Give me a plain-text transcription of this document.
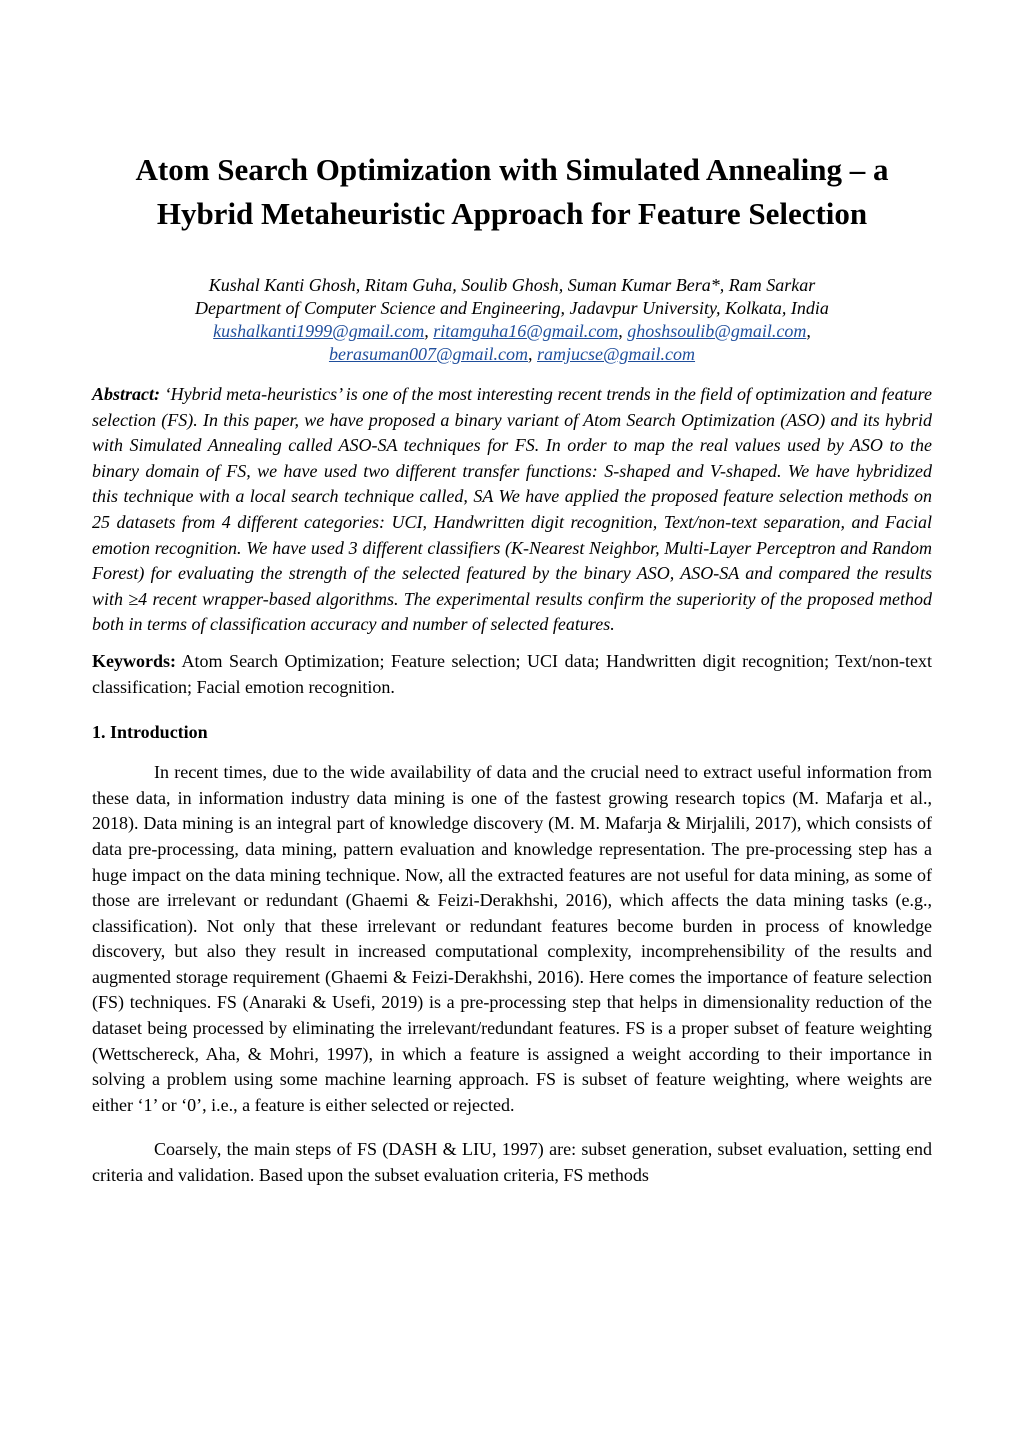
Atom Search Optimization with Simulated Annealing – a
Hybrid Metaheuristic Approach for Feature Selection
Kushal Kanti Ghosh, Ritam Guha, Soulib Ghosh, Suman Kumar Bera*, Ram Sarkar
Department of Computer Science and Engineering, Jadavpur University, Kolkata, India
kushalkanti1999@gmail.com, ritamguha16@gmail.com, ghoshsoulib@gmail.com,
berasuman007@gmail.com, ramjucse@gmail.com
Abstract: ‘Hybrid meta-heuristics’ is one of the most interesting recent trends in the field of optimization and feature selection (FS). In this paper, we have proposed a binary variant of Atom Search Optimization (ASO) and its hybrid with Simulated Annealing called ASO-SA techniques for FS. In order to map the real values used by ASO to the binary domain of FS, we have used two different transfer functions: S-shaped and V-shaped. We have hybridized this technique with a local search technique called, SA We have applied the proposed feature selection methods on 25 datasets from 4 different categories: UCI, Handwritten digit recognition, Text/non-text separation, and Facial emotion recognition. We have used 3 different classifiers (K-Nearest Neighbor, Multi-Layer Perceptron and Random Forest) for evaluating the strength of the selected featured by the binary ASO, ASO-SA and compared the results with ≥4 recent wrapper-based algorithms. The experimental results confirm the superiority of the proposed method both in terms of classification accuracy and number of selected features.
Keywords: Atom Search Optimization; Feature selection; UCI data; Handwritten digit recognition; Text/non-text classification; Facial emotion recognition.
1. Introduction

In recent times, due to the wide availability of data and the crucial need to extract useful information from these data, in information industry data mining is one of the fastest growing research topics (M. Mafarja et al., 2018). Data mining is an integral part of knowledge discovery (M. M. Mafarja & Mirjalili, 2017), which consists of data pre-processing, data mining, pattern evaluation and knowledge representation. The pre-processing step has a huge impact on the data mining technique. Now, all the extracted features are not useful for data mining, as some of those are irrelevant or redundant (Ghaemi & Feizi-Derakhshi, 2016), which affects the data mining tasks (e.g., classification). Not only that these irrelevant or redundant features become burden in process of knowledge discovery, but also they result in increased computational complexity, incomprehensibility of the results and augmented storage requirement (Ghaemi & Feizi-Derakhshi, 2016). Here comes the importance of feature selection (FS) techniques. FS (Anaraki & Usefi, 2019) is a pre-processing step that helps in dimensionality reduction of the dataset being processed by eliminating the irrelevant/redundant features. FS is a proper subset of feature weighting (Wettschereck, Aha, & Mohri, 1997), in which a feature is assigned a weight according to their importance in solving a problem using some machine learning approach. FS is subset of feature weighting, where weights are either ‘1’ or ‘0’, i.e., a feature is either selected or rejected.

Coarsely, the main steps of FS (DASH & LIU, 1997) are: subset generation, subset evaluation, setting end criteria and validation. Based upon the subset evaluation criteria, FS methods
